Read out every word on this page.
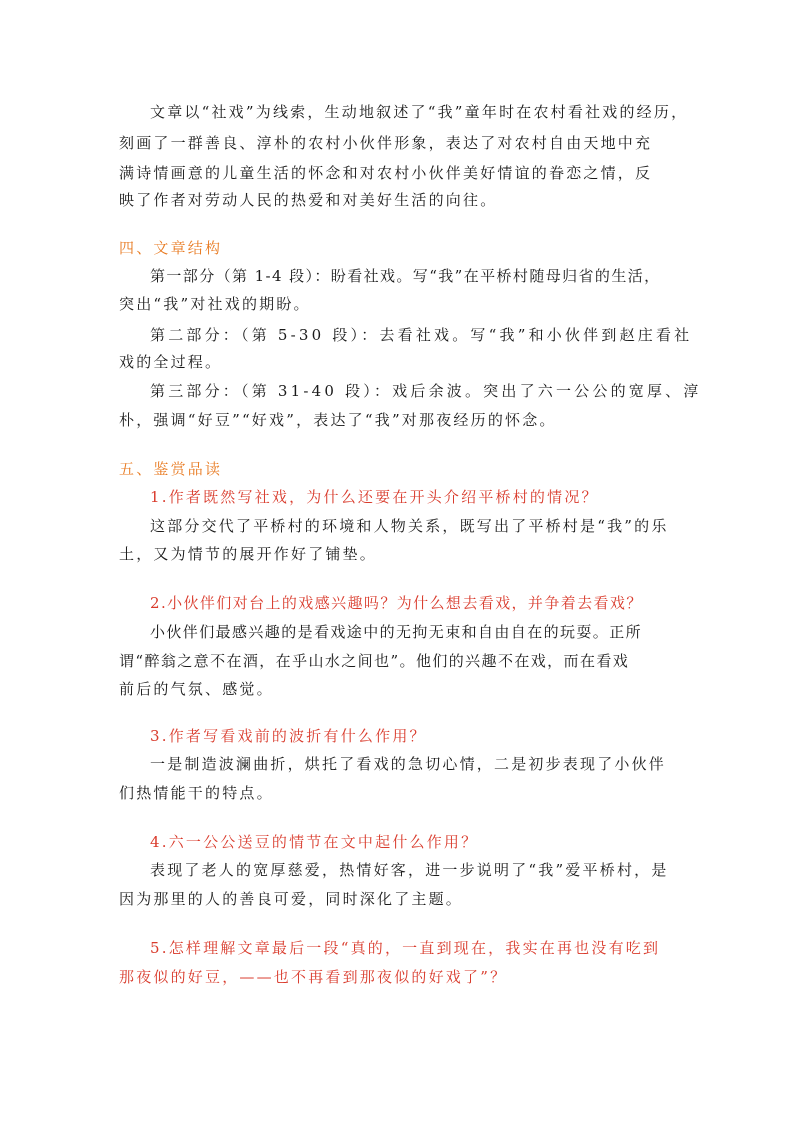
文章以“社戏”为线索，生动地叙述了“我”童年时在农村看社戏的经历，
刻画了一群善良、淳朴的农村小伙伴形象，表达了对农村自由天地中充
满诗情画意的儿童生活的怀念和对农村小伙伴美好情谊的眷恋之情，反
映了作者对劳动人民的热爱和对美好生活的向往。
四、文章结构
第一部分（第 1-4 段）：盼看社戏。写“我”在平桥村随母归省的生活，
突出“我”对社戏的期盼。
第二部分：（第 5-30 段）：去看社戏。写“我”和小伙伴到赵庄看社
戏的全过程。
第三部分：（第 31-40 段）：戏后余波。突出了六一公公的宽厚、淳
朴，强调“好豆”“好戏”，表达了“我”对那夜经历的怀念。
五、鉴赏品读
1.作者既然写社戏，为什么还要在开头介绍平桥村的情况？
这部分交代了平桥村的环境和人物关系，既写出了平桥村是“我”的乐
土，又为情节的展开作好了铺垫。
2.小伙伴们对台上的戏感兴趣吗？为什么想去看戏，并争着去看戏？
小伙伴们最感兴趣的是看戏途中的无拘无束和自由自在的玩耍。正所
谓“醉翁之意不在酒，在乎山水之间也”。他们的兴趣不在戏，而在看戏
前后的气氛、感觉。
3.作者写看戏前的波折有什么作用？
一是制造波澜曲折，烘托了看戏的急切心情，二是初步表现了小伙伴
们热情能干的特点。
4.六一公公送豆的情节在文中起什么作用？
表现了老人的宽厚慈爱，热情好客，进一步说明了“我”爱平桥村，是
因为那里的人的善良可爱，同时深化了主题。
5.怎样理解文章最后一段“真的，一直到现在，我实在再也没有吃到
那夜似的好豆，——也不再看到那夜似的好戏了”？
